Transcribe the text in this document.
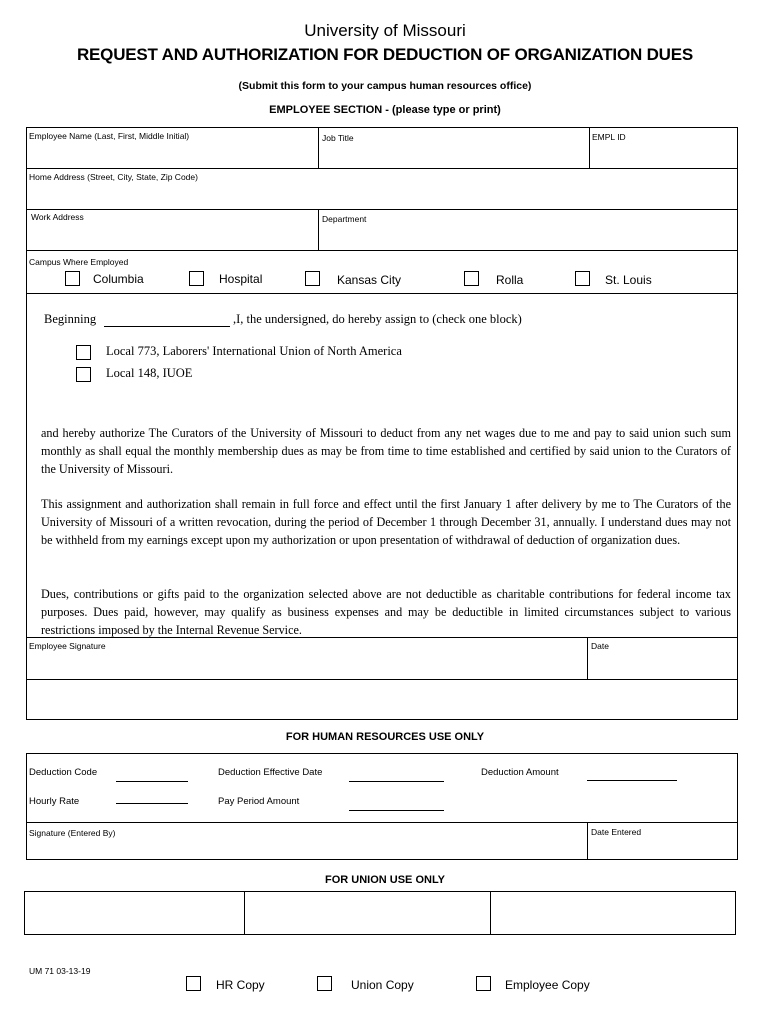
University of Missouri
REQUEST AND AUTHORIZATION FOR DEDUCTION OF ORGANIZATION DUES
(Submit this form to your campus human resources office)
EMPLOYEE SECTION - (please type or print)
Employee Name (Last, First, Middle Initial)	Job Title	EMPL ID
Home Address (Street, City, State, Zip Code)
Work Address	Department
Campus Where Employed
Columbia	Hospital	Kansas City	Rolla	St. Louis
Beginning	,I, the undersigned, do hereby assign to (check one block)
Local 773, Laborers' International Union of North America
Local 148, IUOE
and hereby authorize The Curators of the University of Missouri to deduct from any net wages due to me and pay to said union such sum monthly as shall equal the monthly membership dues as may be from time to time established and certified by said union to the Curators of the University of Missouri.
This assignment and authorization shall remain in full force and effect until the first January 1 after delivery by me to The Curators of the University of Missouri of a written revocation, during the period of December 1 through December 31, annually. I understand dues may not be withheld from my earnings except upon my authorization or upon presentation of withdrawal of deduction of organization dues.
Dues, contributions or gifts paid to the organization selected above are not deductible as charitable contributions for federal income tax purposes. Dues paid, however, may qualify as business expenses and may be deductible in limited circumstances subject to various restrictions imposed by the Internal Revenue Service.
Employee Signature	Date
FOR HUMAN RESOURCES USE ONLY
Deduction Code	Deduction Effective Date	Deduction Amount
Hourly Rate	Pay Period Amount
Signature (Entered By)	Date Entered
FOR UNION USE ONLY
UM 71 03-13-19
HR Copy	Union Copy	Employee Copy
